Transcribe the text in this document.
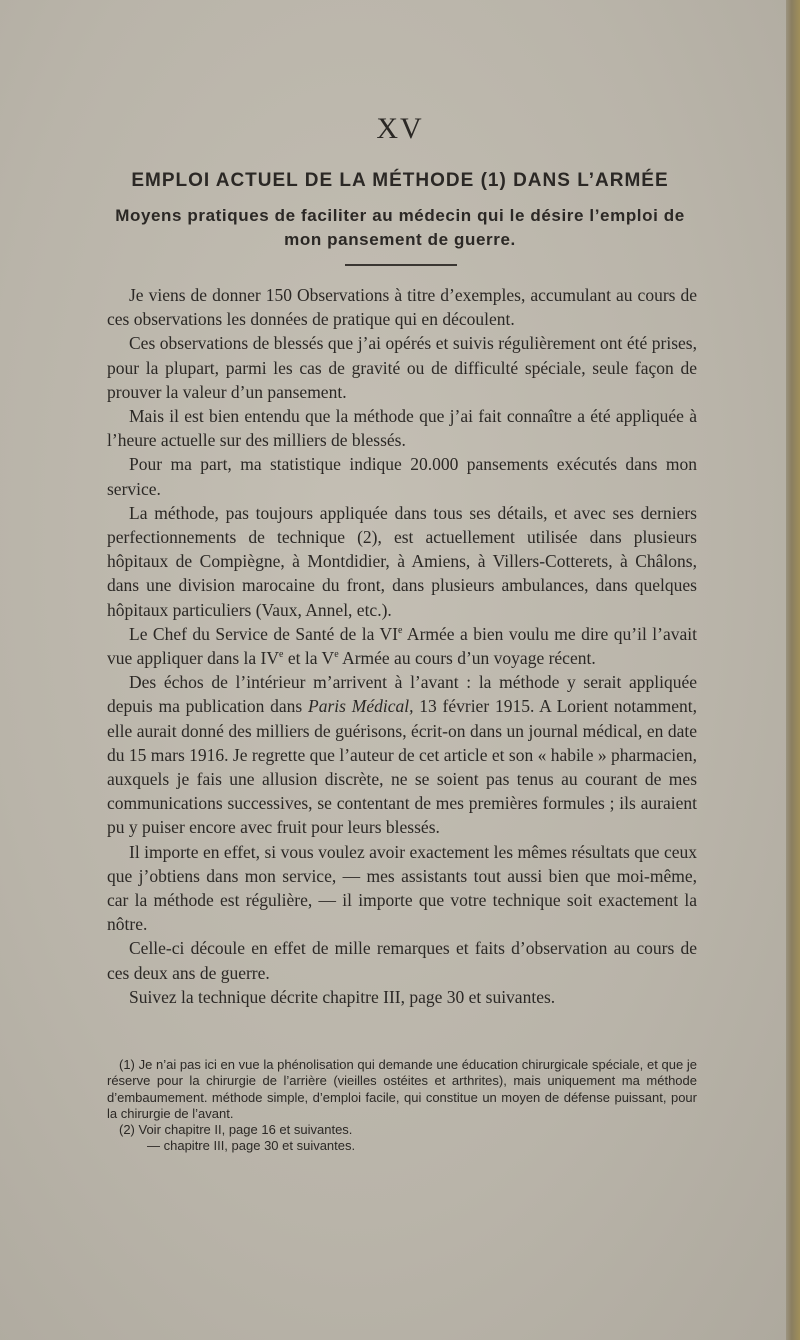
XV
EMPLOI ACTUEL DE LA MÉTHODE (1) DANS L’ARMÉE
Moyens pratiques de faciliter au médecin qui le désire l’emploi de mon pansement de guerre.

Je viens de donner 150 Observations à titre d’exemples, accumulant au cours de ces observations les données de pratique qui en découlent.

Ces observations de blessés que j’ai opérés et suivis régulièrement ont été prises, pour la plupart, parmi les cas de gravité ou de difficulté spéciale, seule façon de prouver la valeur d’un pansement.

Mais il est bien entendu que la méthode que j’ai fait connaître a été appliquée à l’heure actuelle sur des milliers de blessés.

Pour ma part, ma statistique indique 20.000 pansements exécutés dans mon service.

La méthode, pas toujours appliquée dans tous ses détails, et avec ses derniers perfectionnements de technique (2), est actuellement utilisée dans plusieurs hôpitaux de Compiègne, à Montdidier, à Amiens, à Villers-Cotterets, à Châlons, dans une division marocaine du front, dans plusieurs ambulances, dans quelques hôpitaux particuliers (Vaux, Annel, etc.).

Le Chef du Service de Santé de la VIe Armée a bien voulu me dire qu’il l’avait vue appliquer dans la IVe et la Ve Armée au cours d’un voyage récent.

Des échos de l’intérieur m’arrivent à l’avant : la méthode y serait appliquée depuis ma publication dans Paris Médical, 13 février 1915. A Lorient notamment, elle aurait donné des milliers de guérisons, écrit-on dans un journal médical, en date du 15 mars 1916. Je regrette que l’auteur de cet article et son « habile » pharmacien, auxquels je fais une allusion discrète, ne se soient pas tenus au courant de mes communications successives, se contentant de mes premières formules ; ils auraient pu y puiser encore avec fruit pour leurs blessés.

Il importe en effet, si vous voulez avoir exactement les mêmes résultats que ceux que j’obtiens dans mon service, — mes assistants tout aussi bien que moi-même, car la méthode est régulière, — il importe que votre technique soit exactement la nôtre.

Celle-ci découle en effet de mille remarques et faits d’observation au cours de ces deux ans de guerre.

Suivez la technique décrite chapitre III, page 30 et suivantes.

(1) Je n’ai pas ici en vue la phénolisation qui demande une éducation chirurgicale spéciale, et que je réserve pour la chirurgie de l’arrière (vieilles ostéites et arthrites), mais uniquement ma méthode d’embaumement. méthode simple, d’emploi facile, qui constitue un moyen de défense puissant, pour la chirurgie de l’avant.

(2) Voir chapitre II, page 16 et suivantes.

— chapitre III, page 30 et suivantes.
